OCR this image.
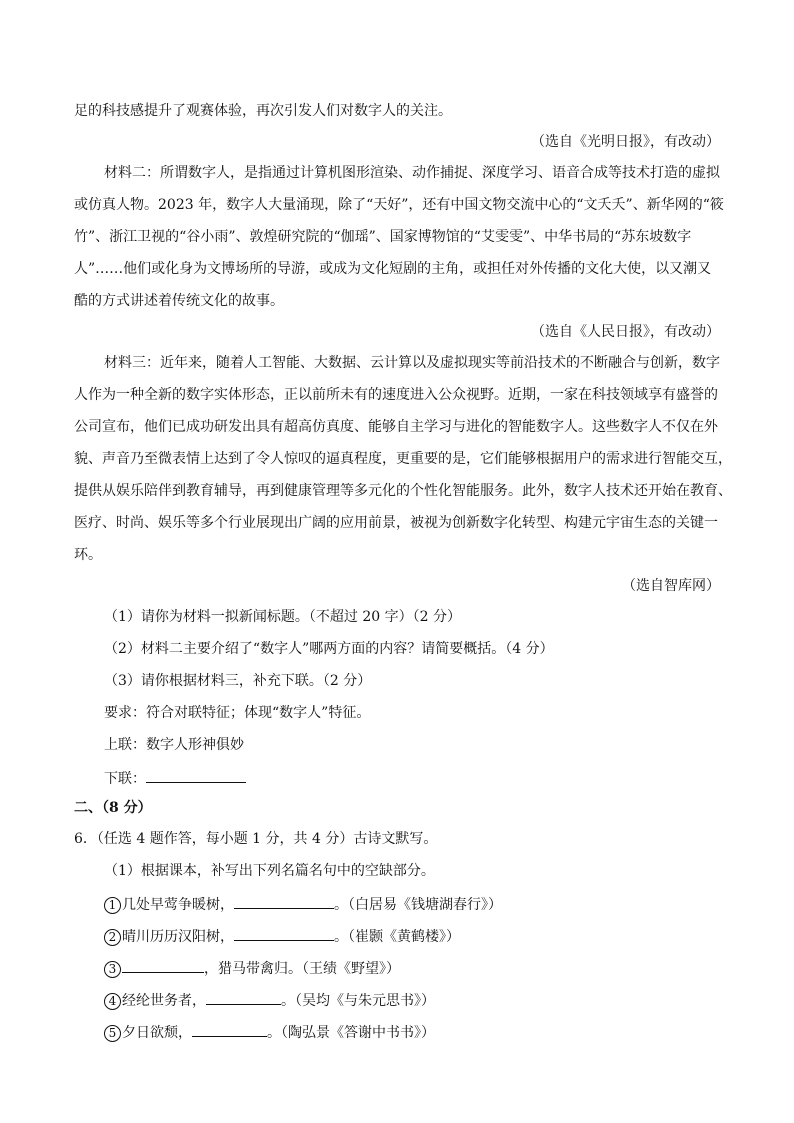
足的科技感提升了观赛体验，再次引发人们对数字人的关注。
（选自《光明日报》，有改动）
材料二：所谓数字人，是指通过计算机图形渲染、动作捕捉、深度学习、语音合成等技术打造的虚拟
或仿真人物。2023 年，数字人大量涌现，除了“天好”，还有中国文物交流中心的“文夭夭”、新华网的“筱
竹”、浙江卫视的“谷小雨”、敦煌研究院的“伽瑶”、国家博物馆的“艾雯雯”、中华书局的“苏东坡数字
人”……他们或化身为文博场所的导游，或成为文化短剧的主角，或担任对外传播的文化大使，以又潮又
酷的方式讲述着传统文化的故事。
（选自《人民日报》，有改动）
材料三：近年来，随着人工智能、大数据、云计算以及虚拟现实等前沿技术的不断融合与创新，数字
人作为一种全新的数字实体形态，正以前所未有的速度进入公众视野。近期，一家在科技领域享有盛誉的
公司宣布，他们已成功研发出具有超高仿真度、能够自主学习与进化的智能数字人。这些数字人不仅在外
貌、声音乃至微表情上达到了令人惊叹的逼真程度，更重要的是，它们能够根据用户的需求进行智能交互，
提供从娱乐陪伴到教育辅导，再到健康管理等多元化的个性化智能服务。此外，数字人技术还开始在教育、
医疗、时尚、娱乐等多个行业展现出广阔的应用前景，被视为创新数字化转型、构建元宇宙生态的关键一
环。
（选自智库网）
（1）请你为材料一拟新闻标题。（不超过 20 字）（2 分）
（2）材料二主要介绍了“数字人”哪两方面的内容？请简要概括。（4 分）
（3）请你根据材料三，补充下联。（2 分）
要求：符合对联特征；体现“数字人”特征。
上联：数字人形神俱妙
下联：
二、（8 分）
6．（任选 4 题作答，每小题 1 分，共 4 分）古诗文默写。
（1）根据课本，补写出下列名篇名句中的空缺部分。
1 几处早莺争暖树，	。（白居易《钱塘湖春行》）
2 晴川历历汉阳树，	。（崔颢《黄鹤楼》）
3	，猎马带禽归。（王绩《野望》）
4 经纶世务者，	。（吴均《与朱元思书》）
5 夕日欲颓，	。（陶弘景《答谢中书书》）
